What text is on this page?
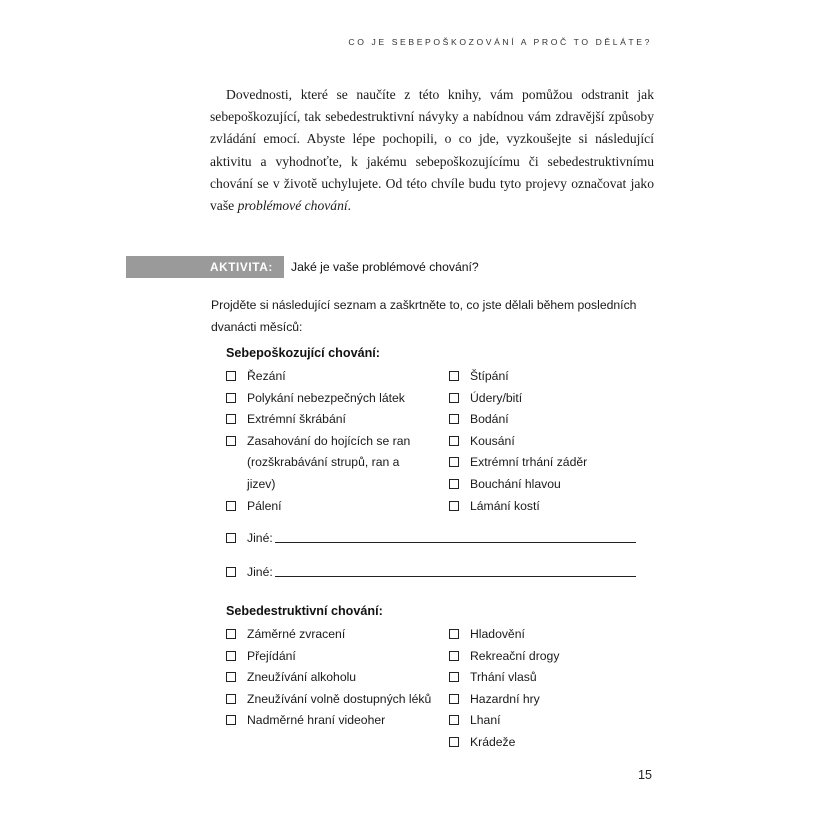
CO JE SEBEPOŠKOZOVÁNÍ A PROČ TO DĚLÁTE?

Dovednosti, které se naučíte z této knihy, vám pomůžou odstranit jak sebepoškozující, tak sebedestruktivní návyky a nabídnou vám zdravější způsoby zvládání emocí. Abyste lépe pochopili, o co jde, vyzkoušejte si následující aktivitu a vyhodnoťte, k jakému sebepoškozujícímu či sebedestruktivnímu chování se v životě uchylujete. Od této chvíle budu tyto projevy označovat jako vaše problémové chování.

AKTIVITA:	Jaké je vaše problémové chování?

Projděte si následující seznam a zaškrtněte to, co jste dělali během posledních dvanácti měsíců:

Sebepoškozující chování:
Řezání
Polykání nebezpečných látek
Extrémní škrábání
Zasahování do hojících se ran (rozškrabávání strupů, ran a jizev)
Pálení
Štípání
Údery/bití
Bodání
Kousání
Extrémní trhání záděr
Bouchání hlavou
Lámání kostí
Jiné:
Jiné:
Sebedestruktivní chování:
Záměrné zvracení
Přejídání
Zneužívání alkoholu
Zneužívání volně dostupných léků
Nadměrné hraní videoher
Hladovění
Rekreační drogy
Trhání vlasů
Hazardní hry
Lhaní
Krádeže
15
